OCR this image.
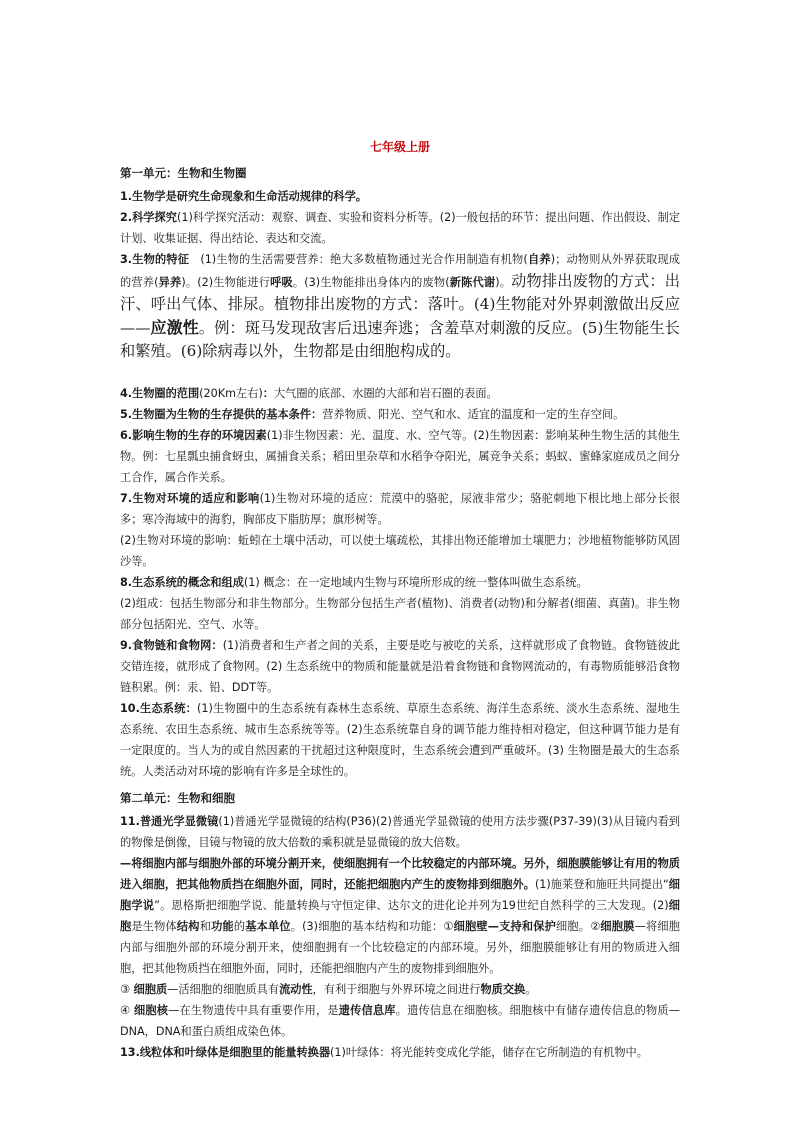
七年级上册
第一单元：生物和生物圈

1.生物学是研究生命现象和生命活动规律的科学。

2.科学探究(1)科学探究活动：观察、调查、实验和资料分析等。(2)一般包括的环节：提出问题、作出假设、制定计划、收集证据、得出结论、表达和交流。

3.生物的特征 (1)生物的生活需要营养：绝大多数植物通过光合作用制造有机物(自养)；动物则从外界获取现成的营养(异养)。(2)生物能进行呼吸。(3)生物能排出身体内的废物(新陈代谢)。动物排出废物的方式：出汗、呼出气体、排尿。植物排出废物的方式：落叶。(4)生物能对外界刺激做出反应——应激性。例：斑马发现敌害后迅速奔逃；含羞草对刺激的反应。(5)生物能生长和繁殖。(6)除病毒以外，生物都是由细胞构成的。

4.生物圈的范围(20Km左右)：大气圈的底部、水圈的大部和岩石圈的表面。

5.生物圈为生物的生存提供的基本条件：营养物质、阳光、空气和水、适宜的温度和一定的生存空间。

6.影响生物的生存的环境因素(1)非生物因素：光、温度、水、空气等。(2)生物因素：影响某种生物生活的其他生物。例：七星瓢虫捕食蚜虫，属捕食关系；稻田里杂草和水稻争夺阳光，属竞争关系；蚂蚁、蜜蜂家庭成员之间分工合作，属合作关系。

7.生物对环境的适应和影响(1)生物对环境的适应：荒漠中的骆驼，尿液非常少；骆驼刺地下根比地上部分长很多；寒冷海域中的海豹，胸部皮下脂肪厚；旗形树等。

(2)生物对环境的影响：蚯蚓在土壤中活动，可以使土壤疏松，其排出物还能增加土壤肥力；沙地植物能够防风固沙等。

8.生态系统的概念和组成(1) 概念：在一定地域内生物与环境所形成的统一整体叫做生态系统。

(2)组成：包括生物部分和非生物部分。生物部分包括生产者(植物)、消费者(动物)和分解者(细菌、真菌)。非生物部分包括阳光、空气、水等。

9.食物链和食物网：(1)消费者和生产者之间的关系，主要是吃与被吃的关系，这样就形成了食物链。食物链彼此交错连接，就形成了食物网。(2) 生态系统中的物质和能量就是沿着食物链和食物网流动的，有毒物质能够沿食物链积累。例：汞、铅、DDT等。

10.生态系统：(1)生物圈中的生态系统有森林生态系统、草原生态系统、海洋生态系统、淡水生态系统、湿地生态系统、农田生态系统、城市生态系统等等。(2)生态系统靠自身的调节能力维持相对稳定，但这种调节能力是有一定限度的。当人为的或自然因素的干扰超过这种限度时，生态系统会遭到严重破坏。(3) 生物圈是最大的生态系统。人类活动对环境的影响有许多是全球性的。

第二单元：生物和细胞

11.普通光学显微镜(1)普通光学显微镜的结构(P36)(2)普通光学显微镜的使用方法步骤(P37-39)(3)从目镜内看到的物像是倒像，目镜与物镜的放大倍数的乘积就是显微镜的放大倍数。

—将细胞内部与细胞外部的环境分割开来，使细胞拥有一个比较稳定的内部环境。另外，细胞膜能够让有用的物质进入细胞，把其他物质挡在细胞外面，同时，还能把细胞内产生的废物排到细胞外。(1)施莱登和施旺共同提出“细胞学说”。恩格斯把细胞学说、能量转换与守恒定律、达尔文的进化论并列为19世纪自然科学的三大发现。(2)细胞是生物体结构和功能的基本单位。(3)细胞的基本结构和功能：①细胞壁—支持和保护细胞。②细胞膜—将细胞内部与细胞外部的环境分割开来，使细胞拥有一个比较稳定的内部环境。另外，细胞膜能够让有用的物质进入细胞，把其他物质挡在细胞外面，同时，还能把细胞内产生的废物排到细胞外。

③ 细胞质—活细胞的细胞质具有流动性，有利于细胞与外界环境之间进行物质交换。

④ 细胞核—在生物遗传中具有重要作用，是遗传信息库。遗传信息在细胞核。细胞核中有储存遗传信息的物质—DNA，DNA和蛋白质组成染色体。

13.线粒体和叶绿体是细胞里的能量转换器(1)叶绿体：将光能转变成化学能，储存在它所制造的有机物中。
